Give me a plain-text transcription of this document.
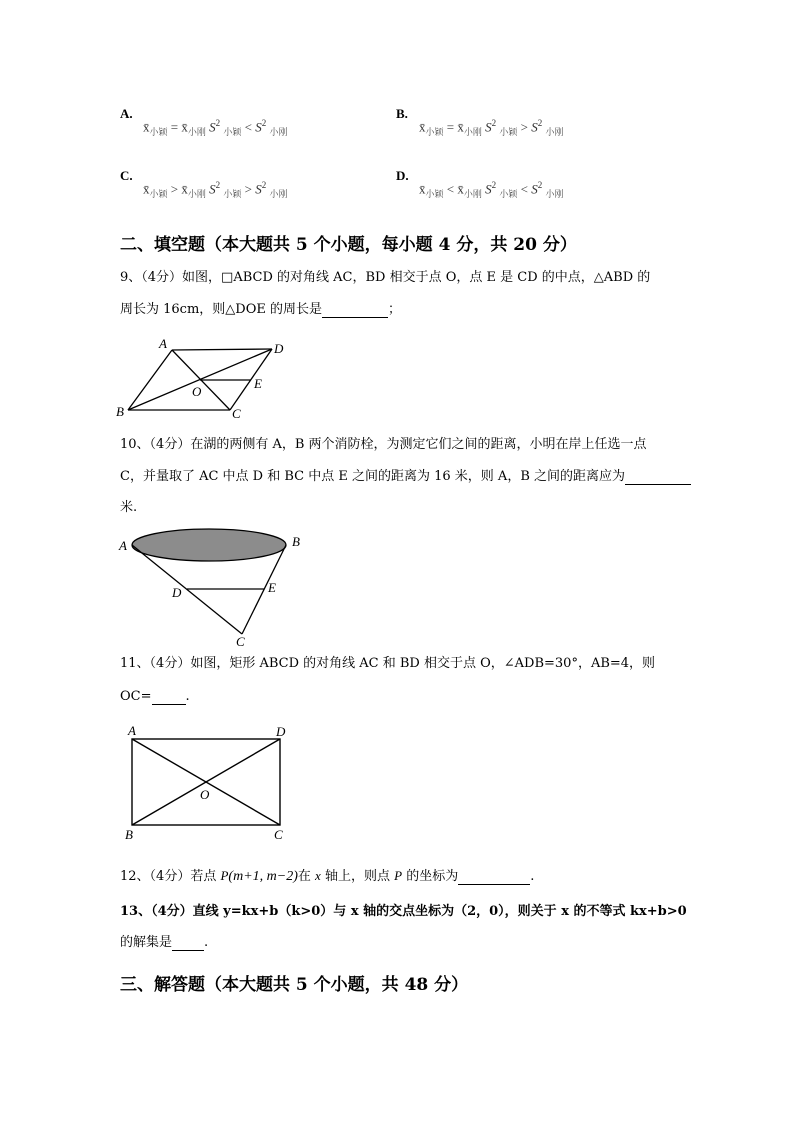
A.
$x̄_{小颖}$ = $x̄_{小刚}$ $S^2$ $_{小颖} < S^2$ $_{小刚}$
B.
$x̄_{小颖}$ = $x̄_{小刚}$ $S^2$ $_{小颖} > S^2$ $_{小刚}$
C.
$x̄_{小颖}$ > $x̄_{小刚}$ $S^2$ $_{小颖} > S^2$ $_{小刚}$
D.
$x̄_{小颖}$ < $x̄_{小刚}$ $S^2$ $_{小颖} < S^2$ $_{小刚}$
二、填空题（本大题共 5 个小题，每小题 4 分，共 20 分）
9、（4分）如图，□ABCD 的对角线 AC，BD 相交于点 O，点 E 是 CD 的中点，△ABD 的
周长为 16cm，则△DOE 的周长是	；
A	D
B	C
O
E
10、（4分）在湖的两侧有 A，B 两个消防栓，为测定它们之间的距离，小明在岸上任选一点
C，并量取了 AC 中点 D 和 BC 中点 E 之间的距离为 16 米，则 A，B 之间的距离应为
米.
A	B
D	E
C
11、（4分）如图，矩形 ABCD 的对角线 AC 和 BD 相交于点 O，∠ADB=30°，AB=4，则
OC=	.
A	D
O
B	C
12、（4分）若点 P(m+1, m−2)在 x 轴上，则点 P 的坐标为	.
13、（4分）直线 y=kx+b（k>0）与 x 轴的交点坐标为（2，0），则关于 x 的不等式 kx+b>0
的解集是 .
三、解答题（本大题共 5 个小题，共 48 分）
